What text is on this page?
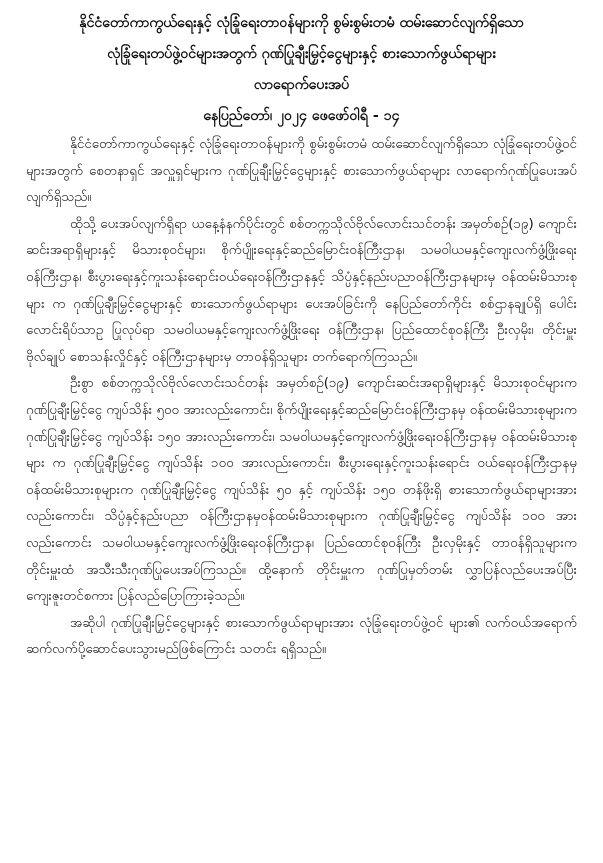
နိုင်ငံတော်ကာကွယ်ရေးနှင့် လုံခြုံရေးတာဝန်များကို စွမ်းစွမ်းတမံ ထမ်းဆောင်လျက်ရှိသော

လုံခြုံရေးတပ်ဖွဲ့ဝင်များအတွက် ဂုဏ်ပြုချီးမြှင့်ငွေများနှင့် စားသောက်ဖွယ်ရာများ

လာရောက်ပေးအပ်

နေပြည်တော်၊ ၂၀၂၄ ဖေဖော်ဝါရီ - ၁၄

နိုင်ငံတော်ကာကွယ်ရေးနှင့် လုံခြုံရေးတာဝန်များကို စွမ်းစွမ်းတမံ ထမ်းဆောင်လျက်ရှိသော လုံခြုံရေးတပ်ဖွဲ့ဝင်များအတွက် စေတနာရှင် အလှူရှင်များက ဂုဏ်ပြုချီးမြှင့်ငွေများနှင့် စားသောက်ဖွယ်ရာများ လာရောက်ဂုဏ်ပြုပေးအပ်လျက်ရှိသည်။

ထိုသို့ ပေးအပ်လျက်ရှိရာ ယနေ့နံနက်ပိုင်းတွင် စစ်တက္ကသိုလ်ဗိုလ်လောင်းသင်တန်း အမှတ်စဉ်(၁၉) ကျောင်းဆင်းအရာရှိများနှင့် မိသားစုဝင်များ၊ စိုက်ပျိုးရေးနှင့်ဆည်မြောင်းဝန်ကြီးဌာန၊ သမဝါယမနှင့်ကျေးလက်ဖွံ့ဖြိုးရေးဝန်ကြီးဌာန၊ စီးပွားရေးနှင့်ကူးသန်းရောင်းဝယ်ရေးဝန်ကြီးဌာနနှင့် သိပ္ပံနှင့်နည်းပညာဝန်ကြီးဌာနများမှ ဝန်ထမ်းမိသားစုများ က ဂုဏ်ပြုချီးမြှင့်ငွေများနှင့် စားသောက်ဖွယ်ရာများ ပေးအပ်ခြင်းကို နေပြည်တော်ကိုင်း စစ်ဌာနချုပ်ရှိ ပေါင်းလောင်းရိပ်သာဥ္ ပြုလုပ်ရာ သမဝါယမနှင့်ကျေးလက်ဖွံ့ဖြိုးရေး ဝန်ကြီးဌာန၊ ပြည်ထောင်စုဝန်ကြီး ဦးလှမိုး၊ တိုင်းမှူး ဗိုလ်ချုပ် စောသန်းလှိုင်နှင့် ဝန်ကြီးဌာနများမှ တာဝန်ရှိသူများ တက်ရောက်ကြသည်။

ဦးစွာ စစ်တက္ကသိုလ်ဗိုလ်လောင်းသင်တန်း အမှတ်စဉ်(၁၉) ကျောင်းဆင်းအရာရှိများနှင့် မိသားစုဝင်များက ဂုဏ်ပြုချီးမြှင့်ငွေ ကျပ်သိန်း ၅၀၀ အားလည်းကောင်း၊ စိုက်ပျိုးရေးနှင့်ဆည်မြောင်းဝန်ကြီးဌာနမှ ဝန်ထမ်းမိသားစုများက ဂုဏ်ပြုချီးမြှင့်ငွေ ကျပ်သိန်း ၁၅၀ အားလည်းကောင်း၊ သမဝါယမနှင့်ကျေးလက်ဖွံ့ဖြိုးရေးဝန်ကြီးဌာနမှ ဝန်ထမ်းမိသားစုများ က ဂုဏ်ပြုချီးမြှင့်ငွေ ကျပ်သိန်း ၁၀၀ အားလည်းကောင်း၊ စီးပွားရေးနှင့်ကူးသန်းရောင်း ဝယ်ရေးဝန်ကြီးဌာနမှ ဝန်ထမ်းမိသားစုများက ဂုဏ်ပြုချီးမြှင့်ငွေ ကျပ်သိန်း ၅၀ နှင့် ကျပ်သိန်း ၁၅၀ တန်ဖိုးရှိ စားသောက်ဖွယ်ရာများအားလည်းကောင်း၊ သိပ္ပံနှင့်နည်းပညာ ဝန်ကြီးဌာနမှဝန်ထမ်းမိသားစုများက ဂုဏ်ပြုချီးမြှင့်ငွေ ကျပ်သိန်း ၁၀၀ အားလည်းကောင်း သမဝါယမနှင့်ကျေးလက်ဖွံ့ဖြိုးရေးဝန်ကြီးဌာန၊ ပြည်ထောင်စုဝန်ကြီး ဦးလှမိုးနှင့် တာဝန်ရှိသူများက တိုင်းမှူးထံ အသီးသီးဂုဏ်ပြုပေးအပ်ကြသည်။ ထို့နောက် တိုင်းမှူးက ဂုဏ်ပြုမှတ်တမ်း လွှာပြန်လည်ပေးအပ်ပြီး ကျေးဇူးတင်စကား ပြန်လည်ပြောကြားခဲ့သည်။

အဆိုပါ ဂုဏ်ပြုချီးမြှင့်ငွေများနှင့် စားသောက်ဖွယ်ရာများအား လုံခြုံရေးတပ်ဖွဲ့ဝင် များ၏ လက်ဝယ်အရောက် ဆက်လက်ပို့ဆောင်ပေးသွားမည်ဖြစ်ကြောင်း သတင်း ရရှိသည်။
